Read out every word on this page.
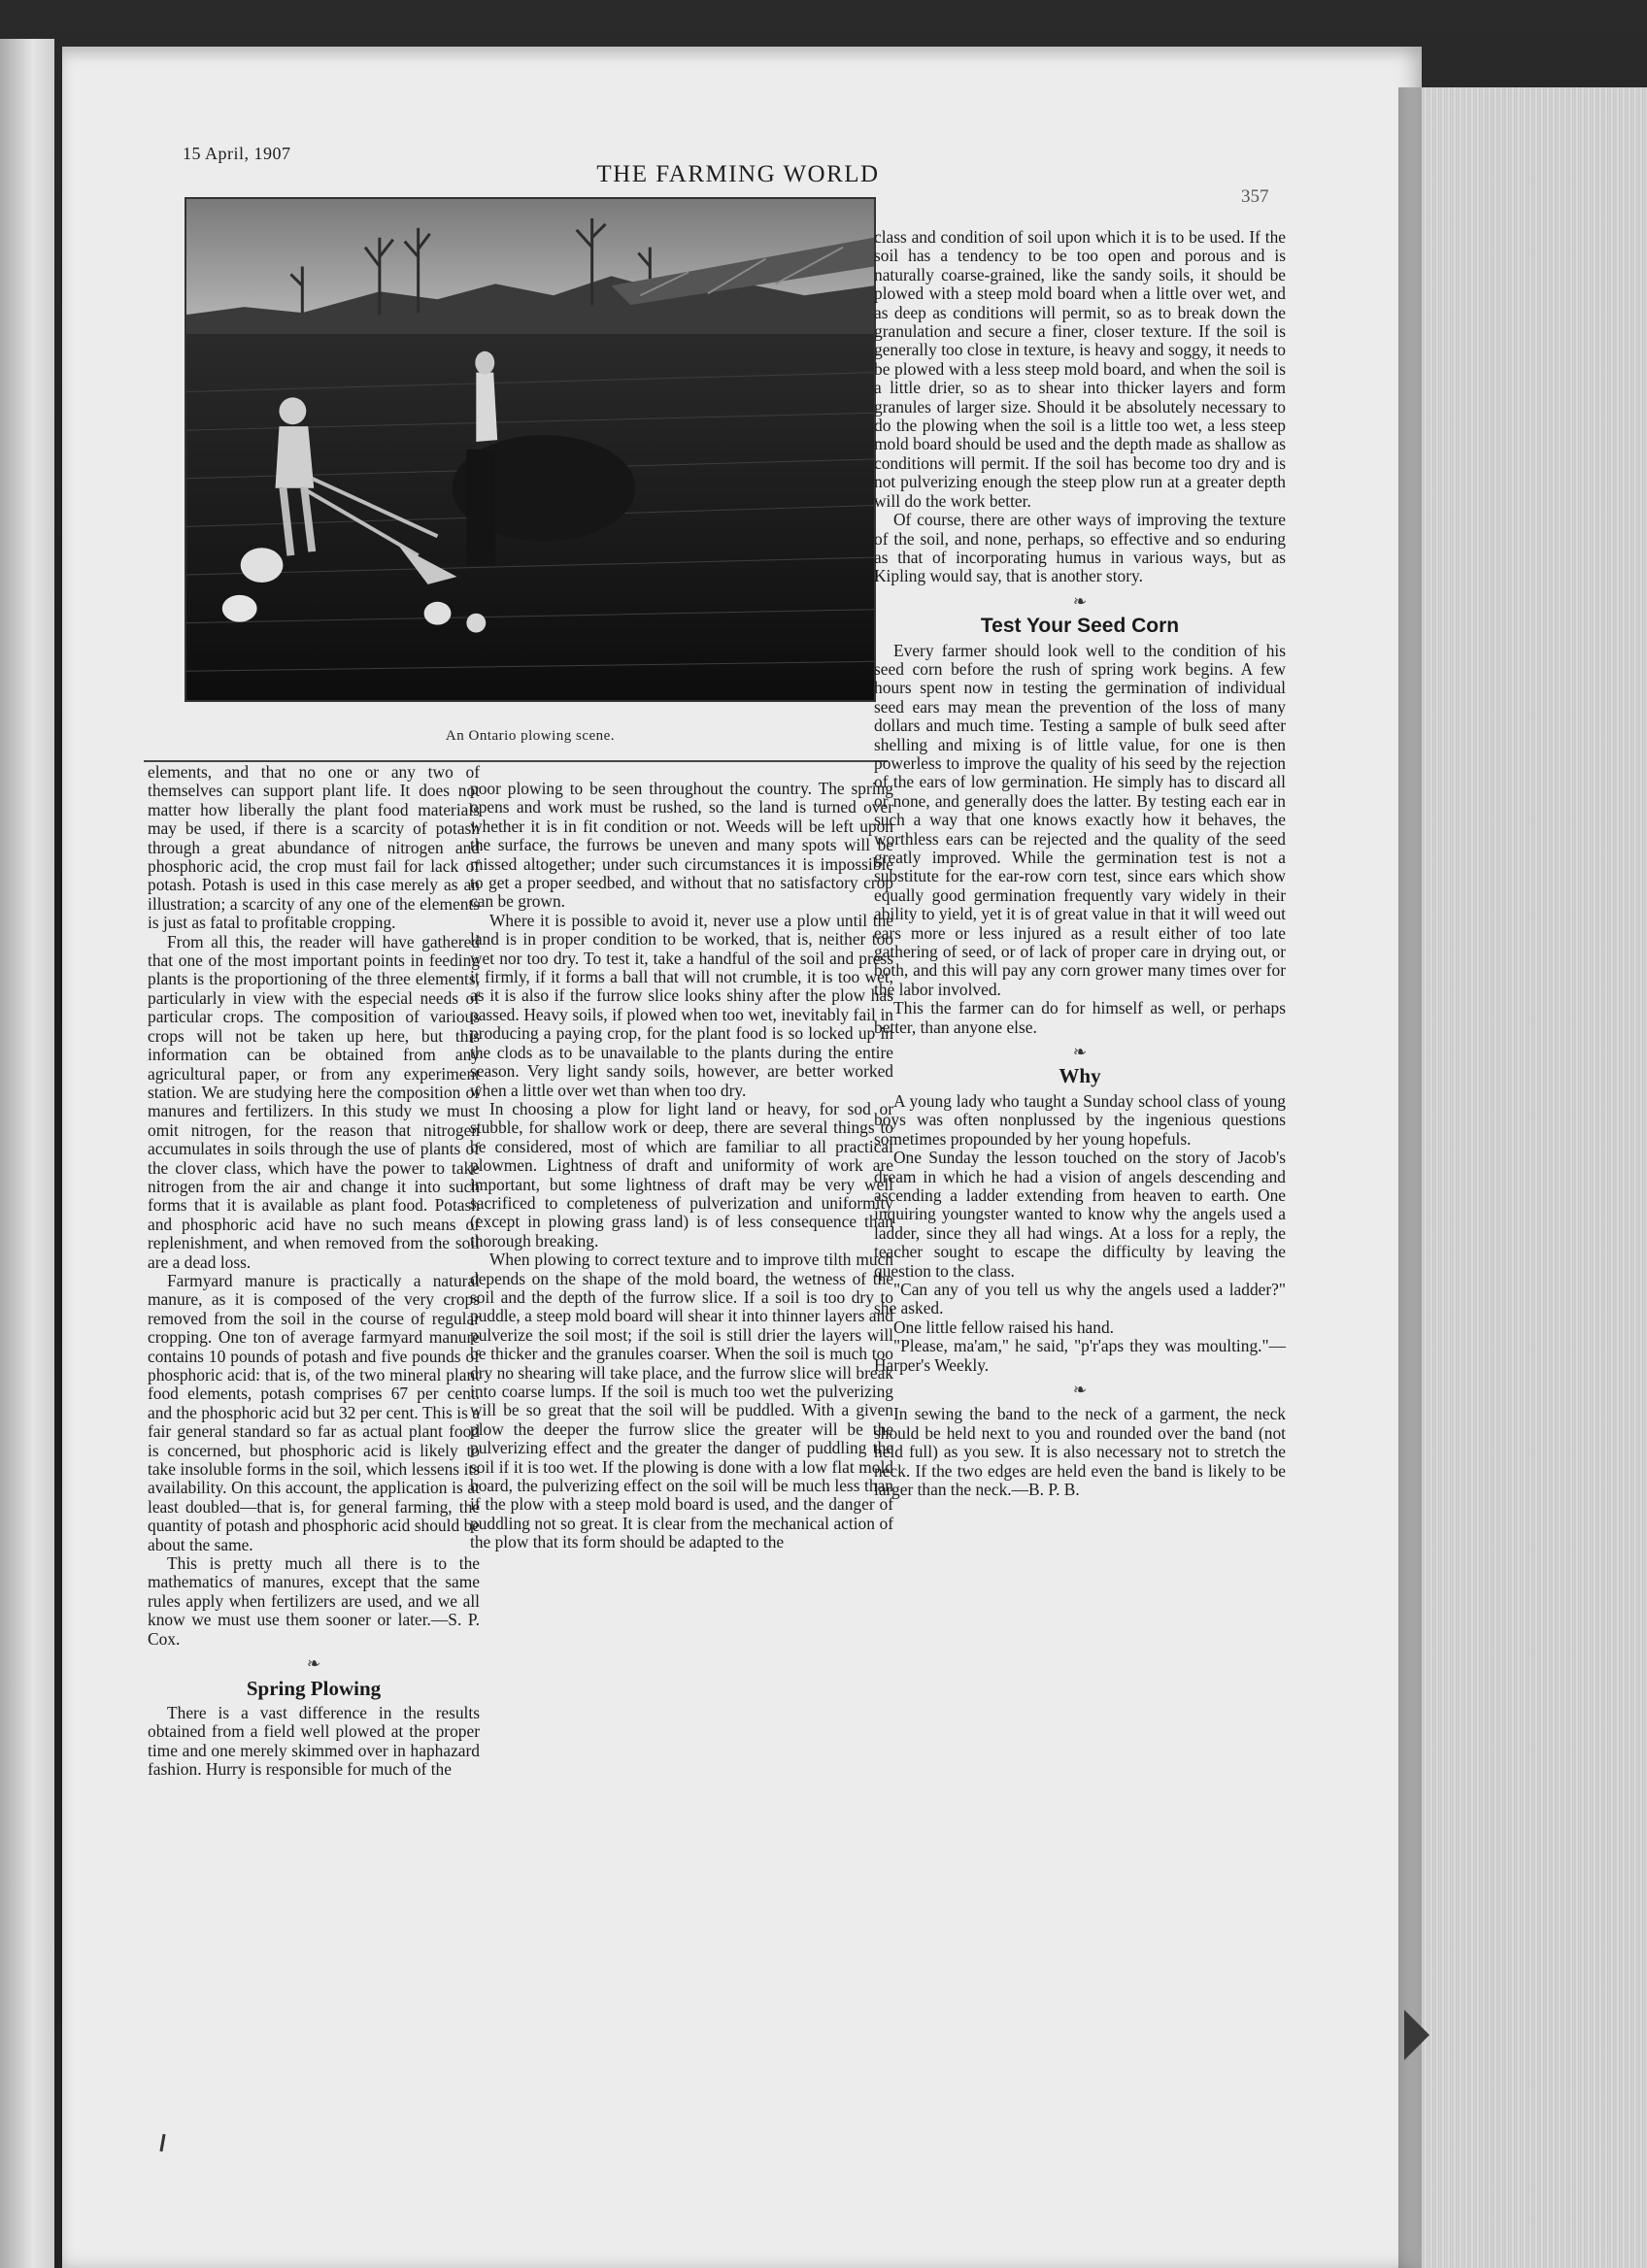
15 April, 1907
THE FARMING WORLD
357
An Ontario plowing scene.

elements, and that no one or any two of themselves can support plant life. It does not matter how liberally the plant food materials may be used, if there is a scarcity of potash through a great abundance of nitrogen and phosphoric acid, the crop must fail for lack of potash. Potash is used in this case merely as an illustration; a scarcity of any one of the elements is just as fatal to profitable cropping.

From all this, the reader will have gathered that one of the most important points in feeding plants is the proportioning of the three elements, particularly in view with the especial needs of particular crops. The composition of various crops will not be taken up here, but this information can be obtained from any agricultural paper, or from any experiment station. We are studying here the composition of manures and fertilizers. In this study we must omit nitrogen, for the reason that nitrogen accumulates in soils through the use of plants of the clover class, which have the power to take nitrogen from the air and change it into such forms that it is available as plant food. Potash and phosphoric acid have no such means of replenishment, and when removed from the soil are a dead loss.

Farmyard manure is practically a natural manure, as it is composed of the very crops removed from the soil in the course of regular cropping. One ton of average farmyard manure contains 10 pounds of potash and five pounds of phosphoric acid: that is, of the two mineral plant food elements, potash comprises 67 per cent. and the phosphoric acid but 32 per cent. This is a fair general standard so far as actual plant food is concerned, but phosphoric acid is likely to take insoluble forms in the soil, which lessens its availability. On this account, the application is at least doubled—that is, for general farming, the quantity of potash and phosphoric acid should be about the same.

This is pretty much all there is to the mathematics of manures, except that the same rules apply when fertilizers are used, and we all know we must use them sooner or later.—S. P. Cox.

❧
Spring Plowing

There is a vast difference in the results obtained from a field well plowed at the proper time and one merely skimmed over in haphazard fashion. Hurry is responsible for much of the

poor plowing to be seen throughout the country. The spring opens and work must be rushed, so the land is turned over whether it is in fit condition or not. Weeds will be left upon the surface, the furrows be uneven and many spots will be missed altogether; under such circumstances it is impossible to get a proper seedbed, and without that no satisfactory crop can be grown.

Where it is possible to avoid it, never use a plow until the land is in proper condition to be worked, that is, neither too wet nor too dry. To test it, take a handful of the soil and press it firmly, if it forms a ball that will not crumble, it is too wet, as it is also if the furrow slice looks shiny after the plow has passed. Heavy soils, if plowed when too wet, inevitably fail in producing a paying crop, for the plant food is so locked up in the clods as to be unavailable to the plants during the entire season. Very light sandy soils, however, are better worked when a little over wet than when too dry.

In choosing a plow for light land or heavy, for sod or stubble, for shallow work or deep, there are several things to be considered, most of which are familiar to all practical plowmen. Lightness of draft and uniformity of work are important, but some lightness of draft may be very well sacrificed to completeness of pulverization and uniformity (except in plowing grass land) is of less consequence than thorough breaking.

When plowing to correct texture and to improve tilth much depends on the shape of the mold board, the wetness of the soil and the depth of the furrow slice. If a soil is too dry to puddle, a steep mold board will shear it into thinner layers and pulverize the soil most; if the soil is still drier the layers will be thicker and the granules coarser. When the soil is much too dry no shearing will take place, and the furrow slice will break into coarse lumps. If the soil is much too wet the pulverizing will be so great that the soil will be puddled. With a given plow the deeper the furrow slice the greater will be the pulverizing effect and the greater the danger of puddling the soil if it is too wet. If the plowing is done with a low flat mold board, the pulverizing effect on the soil will be much less than if the plow with a steep mold board is used, and the danger of puddling not so great. It is clear from the mechanical action of the plow that its form should be adapted to the

class and condition of soil upon which it is to be used. If the soil has a tendency to be too open and porous and is naturally coarse-grained, like the sandy soils, it should be plowed with a steep mold board when a little over wet, and as deep as conditions will permit, so as to break down the granulation and secure a finer, closer texture. If the soil is generally too close in texture, is heavy and soggy, it needs to be plowed with a less steep mold board, and when the soil is a little drier, so as to shear into thicker layers and form granules of larger size. Should it be absolutely necessary to do the plowing when the soil is a little too wet, a less steep mold board should be used and the depth made as shallow as conditions will permit. If the soil has become too dry and is not pulverizing enough the steep plow run at a greater depth will do the work better.

Of course, there are other ways of improving the texture of the soil, and none, perhaps, so effective and so enduring as that of incorporating humus in various ways, but as Kipling would say, that is another story.

❧
Test Your Seed Corn

Every farmer should look well to the condition of his seed corn before the rush of spring work begins. A few hours spent now in testing the germination of individual seed ears may mean the prevention of the loss of many dollars and much time. Testing a sample of bulk seed after shelling and mixing is of little value, for one is then powerless to improve the quality of his seed by the rejection of the ears of low germination. He simply has to discard all or none, and generally does the latter. By testing each ear in such a way that one knows exactly how it behaves, the worthless ears can be rejected and the quality of the seed greatly improved. While the germination test is not a substitute for the ear-row corn test, since ears which show equally good germination frequently vary widely in their ability to yield, yet it is of great value in that it will weed out ears more or less injured as a result either of too late gathering of seed, or of lack of proper care in drying out, or both, and this will pay any corn grower many times over for the labor involved.

This the farmer can do for himself as well, or perhaps better, than anyone else.

❧
Why

A young lady who taught a Sunday school class of young boys was often nonplussed by the ingenious questions sometimes propounded by her young hopefuls.

One Sunday the lesson touched on the story of Jacob's dream in which he had a vision of angels descending and ascending a ladder extending from heaven to earth. One inquiring youngster wanted to know why the angels used a ladder, since they all had wings. At a loss for a reply, the teacher sought to escape the difficulty by leaving the question to the class.

"Can any of you tell us why the angels used a ladder?" she asked.

One little fellow raised his hand.

"Please, ma'am," he said, "p'r'aps they was moulting."—Harper's Weekly.

❧

In sewing the band to the neck of a garment, the neck should be held next to you and rounded over the band (not held full) as you sew. It is also necessary not to stretch the neck. If the two edges are held even the band is likely to be larger than the neck.—B. P. B.
